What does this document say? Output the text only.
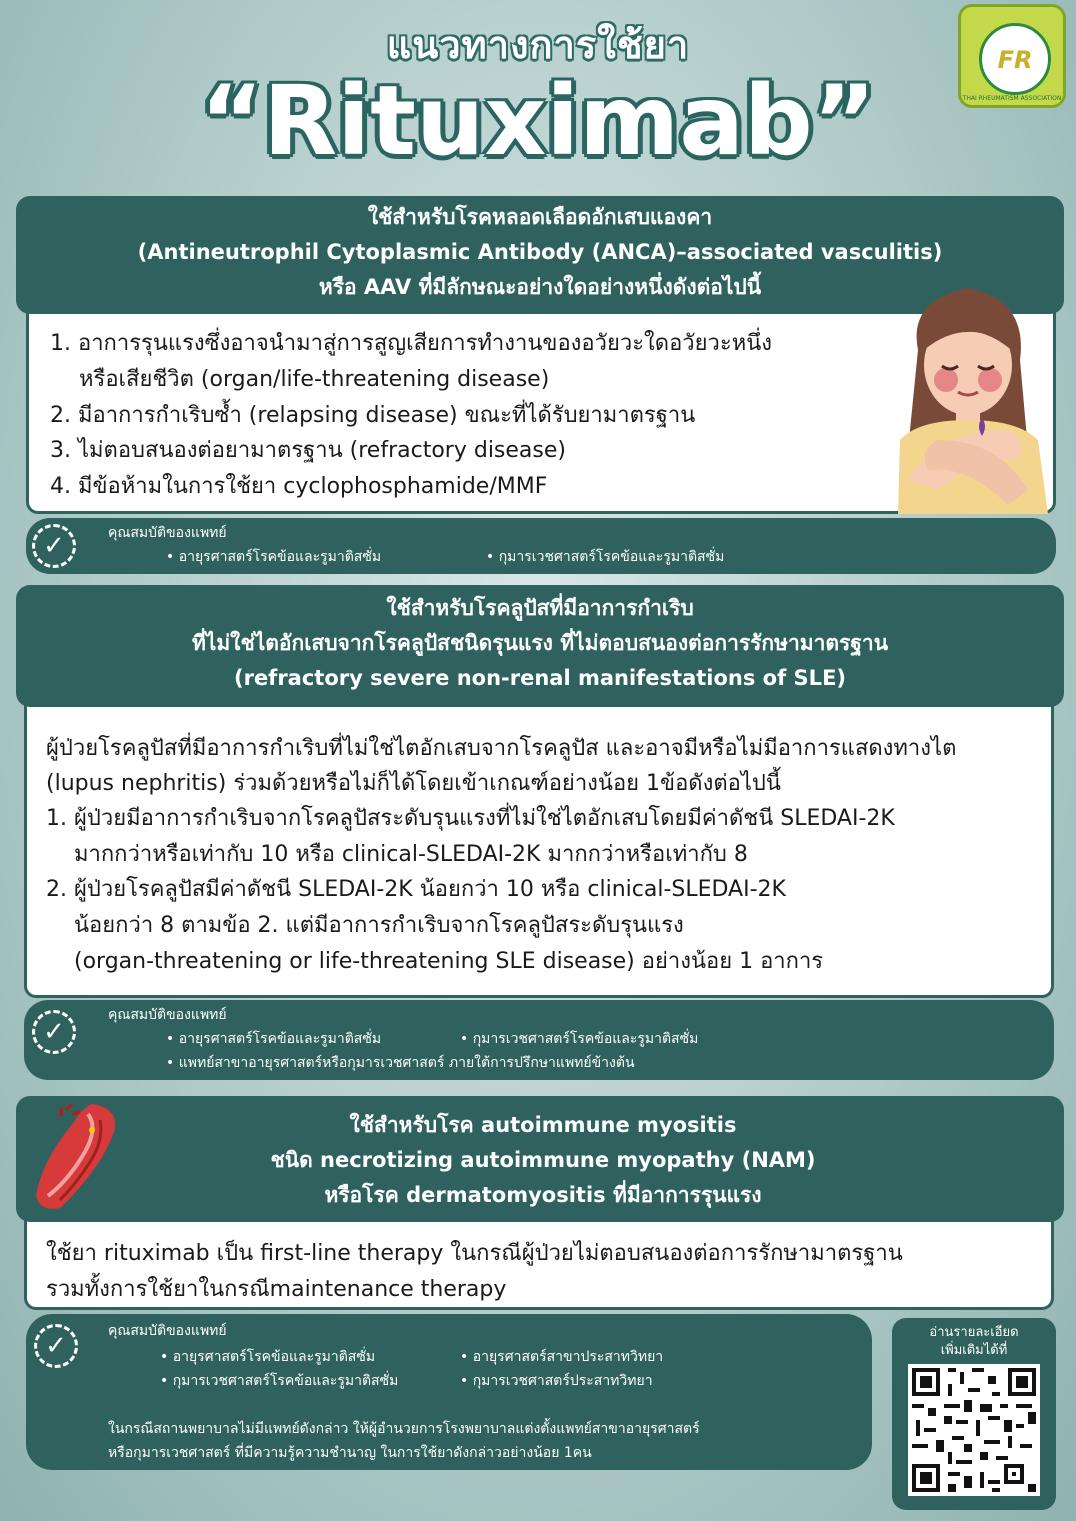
แนวทางการใช้ยา
“Rituximab”
FR
THAI RHEUMATISM ASSOCIATION
ใช้สำหรับโรคหลอดเลือดอักเสบแองคา
(Antineutrophil Cytoplasmic Antibody (ANCA)–associated vasculitis)
หรือ AAV ที่มีลักษณะอย่างใดอย่างหนึ่งดังต่อไปนี้
1. อาการรุนแรงซึ่งอาจนำมาสู่การสูญเสียการทำงานของอวัยวะใดอวัยวะหนึ่ง
หรือเสียชีวิต (organ/life-threatening disease)
2. มีอาการกำเริบซ้ำ (relapsing disease) ขณะที่ได้รับยามาตรฐาน
3. ไม่ตอบสนองต่อยามาตรฐาน (refractory disease)
4. มีข้อห้ามในการใช้ยา cyclophosphamide/MMF
✓	คุณสมบัติของแพทย์
• อายุรศาสตร์โรคข้อและรูมาติสซั่ม	• กุมารเวชศาสตร์โรคข้อและรูมาติสซั่ม
ใช้สำหรับโรคลูปัสที่มีอาการกำเริบ
ที่ไม่ใช่ไตอักเสบจากโรคลูปัสชนิดรุนแรง ที่ไม่ตอบสนองต่อการรักษามาตรฐาน
(refractory severe non-renal manifestations of SLE)
ผู้ป่วยโรคลูปัสที่มีอาการกำเริบที่ไม่ใช่ไตอักเสบจากโรคลูปัส และอาจมีหรือไม่มีอาการแสดงทางไต
(lupus nephritis) ร่วมด้วยหรือไม่ก็ได้โดยเข้าเกณฑ์อย่างน้อย 1ข้อดังต่อไปนี้
1. ผู้ป่วยมีอาการกำเริบจากโรคลูปัสระดับรุนแรงที่ไม่ใช่ไตอักเสบโดยมีค่าดัชนี SLEDAI-2K
มากกว่าหรือเท่ากับ 10 หรือ clinical-SLEDAI-2K มากกว่าหรือเท่ากับ 8
2. ผู้ป่วยโรคลูปัสมีค่าดัชนี SLEDAI-2K น้อยกว่า 10 หรือ clinical-SLEDAI-2K
น้อยกว่า 8 ตามข้อ 2. แต่มีอาการกำเริบจากโรคลูปัสระดับรุนแรง
(organ-threatening or life-threatening SLE disease) อย่างน้อย 1 อาการ
✓
คุณสมบัติของแพทย์
• อายุรศาสตร์โรคข้อและรูมาติสซั่ม	• กุมารเวชศาสตร์โรคข้อและรูมาติสซั่ม
• แพทย์สาขาอายุรศาสตร์หรือกุมารเวชศาสตร์ ภายใต้การปรึกษาแพทย์ข้างต้น
ใช้สำหรับโรค autoimmune myositis
ชนิด necrotizing autoimmune myopathy (NAM)
หรือโรค dermatomyositis ที่มีอาการรุนแรง
ใช้ยา rituximab เป็น first-line therapy ในกรณีผู้ป่วยไม่ตอบสนองต่อการรักษามาตรฐาน
รวมทั้งการใช้ยาในกรณีmaintenance therapy
✓	คุณสมบัติของแพทย์
• อายุรศาสตร์โรคข้อและรูมาติสซั่ม	• อายุรศาสตร์สาขาประสาทวิทยา
• กุมารเวชศาสตร์โรคข้อและรูมาติสซั่ม	• กุมารเวชศาสตร์ประสาทวิทยา
ในกรณีสถานพยาบาลไม่มีแพทย์ดังกล่าว ให้ผู้อำนวยการโรงพยาบาลแต่งตั้งแพทย์สาขาอายุรศาสตร์
หรือกุมารเวชศาสตร์ ที่มีความรู้ความชำนาญ ในการใช้ยาดังกล่าวอย่างน้อย 1คน
อ่านรายละเอียด
เพิ่มเติมได้ที่
